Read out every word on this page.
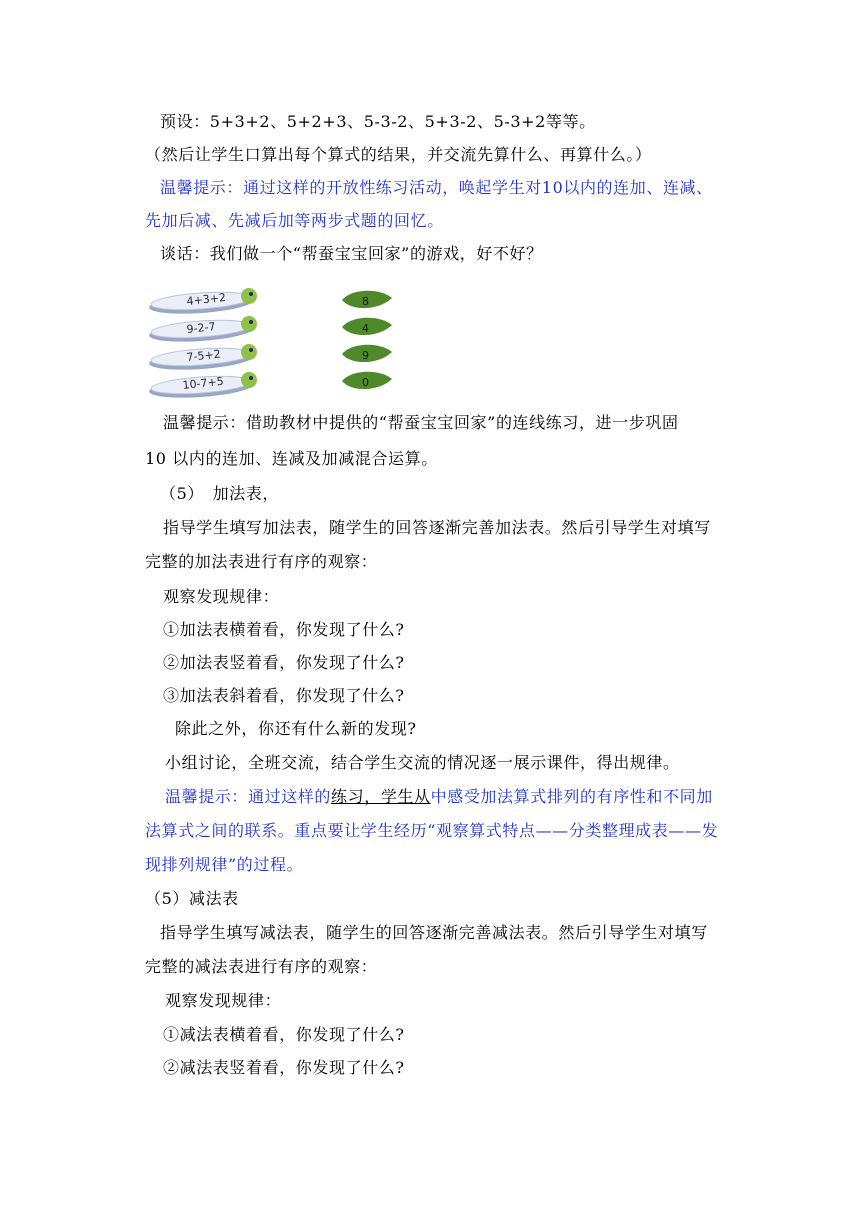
预设：5+3+2、5+2+3、5-3-2、5+3-2、5-3+2等等。
（然后让学生口算出每个算式的结果，并交流先算什么、再算什么。）
温馨提示：通过这样的开放性练习活动，唤起学生对10以内的连加、连减、
先加后减、先减后加等两步式题的回忆。
谈话：我们做一个“帮蚕宝宝回家”的游戏，好不好？
4+3+2
9-2-7
7-5+2
10-7+5
8
4
9
0
温馨提示：借助教材中提供的“帮蚕宝宝回家”的连线练习，进一步巩固
10 以内的连加、连减及加减混合运算。
（5）　加法表，
指导学生填写加法表，随学生的回答逐渐完善加法表。然后引导学生对填写
完整的加法表进行有序的观察：
观察发现规律：
①加法表横着看，你发现了什么?
②加法表竖着看，你发现了什么?
③加法表斜着看，你发现了什么?
除此之外，你还有什么新的发现?
小组讨论，全班交流，结合学生交流的情况逐一展示课件，得出规律。
温馨提示：通过这样的练习，学生从中感受加法算式排列的有序性和不同加
法算式之间的联系。重点要让学生经历“观察算式特点——分类整理成表——发
现排列规律”的过程。
（5）减法表
指导学生填写减法表，随学生的回答逐渐完善减法表。然后引导学生对填写
完整的减法表进行有序的观察：
观察发现规律：
①减法表横着看，你发现了什么?
②减法表竖着看，你发现了什么?
